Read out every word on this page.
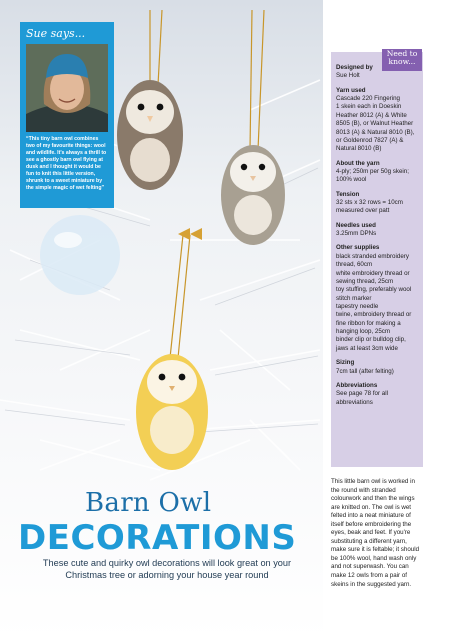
Sue says...
“This tiny barn owl combines two of my favourite things: wool and wildlife. It’s always a thrill to see a ghostly barn owl flying at dusk and I thought it would be fun to knit this little version, shrunk to a sweet miniature by the simple magic of wet felting”
Designed by
Sue Holt
Yarn used
Cascade 220 Fingering
1 skein each in Doeskin Heather 8012 (A) & White 8505 (B), or Walnut Heather 8013 (A) & Natural 8010 (B), or Goldenrod 7827 (A) & Natural 8010 (B)
About the yarn
4-ply; 250m per 50g skein; 100% wool
Tension
32 sts x 32 rows = 10cm measured over patt
Needles used
3.25mm DPNs
Other supplies
black stranded embroidery thread, 60cm
white embroidery thread or sewing thread, 25cm
toy stuffing, preferably wool
stitch marker
tapestry needle
twine, embroidery thread or fine ribbon for making a hanging loop, 25cm
binder clip or bulldog clip, jaws at least 3cm wide
Sizing
7cm tall (after felting)
Abbreviations
See page 78 for all abbreviations
Need to know...
This little barn owl is worked in the round with stranded colourwork and then the wings are knitted on. The owl is wet felted into a neat miniature of itself before embroidering the eyes, beak and feet. If you're substituting a different yarn, make sure it is feltable; it should be 100% wool, hand wash only and not superwash. You can make 12 owls from a pair of skeins in the suggested yarn.
Barn Owl
DECORATIONS
These cute and quirky owl decorations will look great on your Christmas tree or adorning your house year round
